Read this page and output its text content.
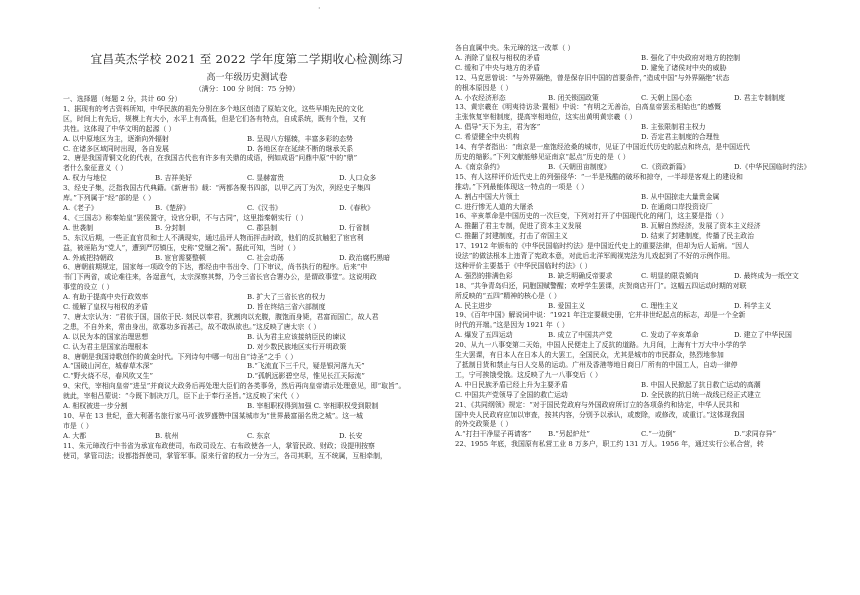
·
宜昌英杰学校 2021 至 2022 学年度第二学期收心检测练习
高一年级历史测试卷
（满分：100 分 时间：75 分钟）
一、选择题（每题 2 分，共计 60 分）
1、据现有的考古资料所知，中华民族的祖先分别在多个地区创造了原始文化，这些早期先民的文化
区，时间上有先后，规模上有大小，水平上有高低，但是它们各有特点，自成系统，既有个性，又有
共性。这体现了中华文明的起源（ ）
A. 以中原地区为主，逐渐向外辐射	B. 呈现八方辐辏，丰富多彩的态势
C. 在诸多区域同时出现，各自发展	D. 各地区存在延续不断的继承关系
2、唐是我国青铜文化的代表，在我国古代也有许多有关鼎的成语，例如成语“问鼎中原”中的“鼎”
者什么象征意义（ ）
A. 权力与地位	B. 吉祥美好	C. 显赫富贵	D. 人口众多
3、经史子集，泛指我国古代典籍。《新唐书》载：“两都各聚书四部，以甲乙丙丁为次，列经史子集四
库。”下列属于“经”部的是（ ）
A.《老子》	B.《楚辞》	C.《汉书》	D.《春秋》
4、《三国志》称秦始皇“罢侯置守，设官分职，不与古同”，这里指秦朝实行（ ）
A. 世袭制	B. 分封制	C. 郡县制	D. 行省制
5、东汉后期，一些正直官员和士人不满现实，通过品评人物而抨击时政，他们的反抗触犯了宦官利
益，被诬陷为“党人”，遭到严厉镇压，史称“党锢之祸”。据此可知，当时（ ）
A. 外戚把持朝政	B. 宦官需要整顿	C. 社会动荡	D. 政治腐朽黑暗
6、唐朝前期规定，国家每一项政令的下达，都经由中书出令、门下审议，尚书执行的程序。后来“中
书门下两省，或论难往来，各逞意气，太宗深察其弊，乃令三省长官合署办公，是谓政事堂”。这说明政
事堂的设立（ ）
A. 有助于提高中央行政效率	B. 扩大了三省长官的权力
C. 缓解了皇权与相权的矛盾	D. 旨在终结三省六部制度
7、唐太宗认为：“君依于国，国依于民. 刻民以奉君，犹割肉以充腹，腹饱而身毙，君富而国亡，故人君
之患，不自外来，常由身出，欲寡功多而甚己，故不敢纵欲也。”这反映了唐太宗（ ）
A. 以民为本的国家治理思想	B. 认为君主应该接纳臣民的谏议
C. 认为君主是国家治理根本	D. 对少数民族地区实行开明政策
8、唐朝是我国诗歌创作的黄金时代。下列诗句中哪一句出自“诗圣”之手（ ）
A.“国破山河在，城春草木深”	B.“飞流直下三千尺，疑是银河落九天”
C.“野火烧不尽，春风吹又生”	D.“孤帆远影碧空尽，惟见长江天际流”
9、宋代，宰相向皇帝“进呈”并商议大政务后再处理大臣们的各类事务，然后再向皇帝请示处理意见，即“取旨”。
就此，宰相吕蒙说：“今既下制决万几，臣下止于奉行圣旨。”这反映了宋代（ ）
A. 相权被进一步分割	B. 宰相职权得到加强 C. 宰相职权受到限制
10、早在 13 世纪，意大利著名旅行家马可·波罗盛赞中国某城市为“世界最富丽名贵之城”。这一城
市是（ ）
A. 大都	B. 杭州	C. 东京	D. 长安
11、朱元璋改行中书省为承宣布政使司，布政司设左、右布政使各一人，掌管民政、财政；设提刑按察
使司，掌管司法；设都指挥使司，掌管军事。原来行省的权力一分为三，各司其职，互不统属，互相牵制，
各自直属中央。朱元璋的这一改革（ ）
A. 消除了皇权与相权的矛盾	B. 强化了中央政府对地方的控制
C. 缓和了中央与地方的矛盾	D. 避免了诸侯对中央的威胁
12、马克思曾说：“与外界隔绝，曾是保存旧中国的首要条件，”造成中国“与外界隔绝”状态
的根本原因是（ ）
A. 小农经济形态	B. 闭关锁国政策	C. 天朝上国心态	D. 君主专制制度
13、黄宗羲在《明夷待访录·置相》中说：“有明之无善治，自高皇帝罢丞相始也”的感慨
主张恢复宰相制度，提高宰相地位，这实出黄明黄宗羲（ ）
A. 倡导“天下为主，君为客”	B. 主张限制君主权力
C. 希望健全中央机构	D. 否定君主制度的合理性
14、有学者指出：“南京是一座饱经沧桑的城市，见证了中国近代历史的起点和终点，是中国近代
历史的缩影。”下列文献能够见证南京“起点”历史的是（ ）
A.《南京条约》	B.《天朝田亩制度》	C.《资政新篇》	D.《中华民国临时约法》
15、有人这样评价近代史上的列强侵华：“一半是残酷的破坏和掠夺，一半却是客观上的建设和
推动。”下列最能体现这一特点的一项是（ ）
A. 割占中国大片领土	B. 从中国掠走大量贵金属
C. 进行惨无人道的大屠杀	D. 在通商口岸投资设厂
16、辛亥革命是中国历史的一次巨变，下列对打开了中国现代化的闸门，这主要是指（ ）
A. 推翻了君主专制，促进了资本主义发展	B. 瓦解自然经济，发展了资本主义经济
C. 推翻了封建制度，打击了帝国主义	D. 结束了封建制度，传播了民主政治
17、1912 年颁布的《中华民国临时约法》是中国近代史上的重要法律，但却为后人诟病。“因人
设法”的做法根本上违背了宪政本意，对此后北洋军阀视宪法为儿戏起到了不好的示例作用。
这种评价主要基于《中华民国临时约法》（ ）
A. 强烈的排满色彩	B. 缺乏明确反帝要求	C. 明显的限袁倾向	D. 最终成为一纸空文
18、“共争青岛归还，同胞国赋警醒；欢呼学生罢课，庆贺商店开门”。这幅五四运动时期的对联
所反映的“五四”精神的核心是（ ）
A. 民主进步	B. 爱国主义	C. 理性主义	D. 科学主义
19、《百年中国》解说词中说：“1921 年注定要载史册，它并非世纪起点的标志，却是一个全新
时代的开端。”这是因为 1921 年（ ）
A. 爆发了五四运动	B. 成立了中国共产党	C. 发动了辛亥革命	D. 建立了中华民国
20、从九一八事变第二天始，中国人民便走上了反抗的道路。九月间，上海有十万大中小学的学
生大罢课，有日本人在日本人的大罢工，全国民众，尤其是城市的市民群众，热烈地参加
了抵制日货和禁止与日人交易的运动。广州及香港等地日商日厂所有的中国工人，自动一律停
工，宁可挨饿受饿。这反映了九一八事变后（ ）
A. 中日民族矛盾已经上升为主要矛盾	B. 中国人民掀起了抗日救亡运动的高潮
C. 中国共产党领导了全国的救亡运动	D. 全民族的抗日统一战线已经正式建立
21、《共同纲领》规定：“对于国民党政府与外国政府所订立的各项条约和协定，中华人民共和
国中央人民政府应加以审查，按其内容，分别予以承认，或废除，或修改，或重订。”这体现我国
的外交政策是（ ）
A.“打扫干净屋子再请客”	B.“另起炉灶”	C.“一边倒”	D.“求同存异”
22、1955 年底，我国原有私营工业 8 万多户，职工约 131 万人。1956 年，通过实行公私合营，转
